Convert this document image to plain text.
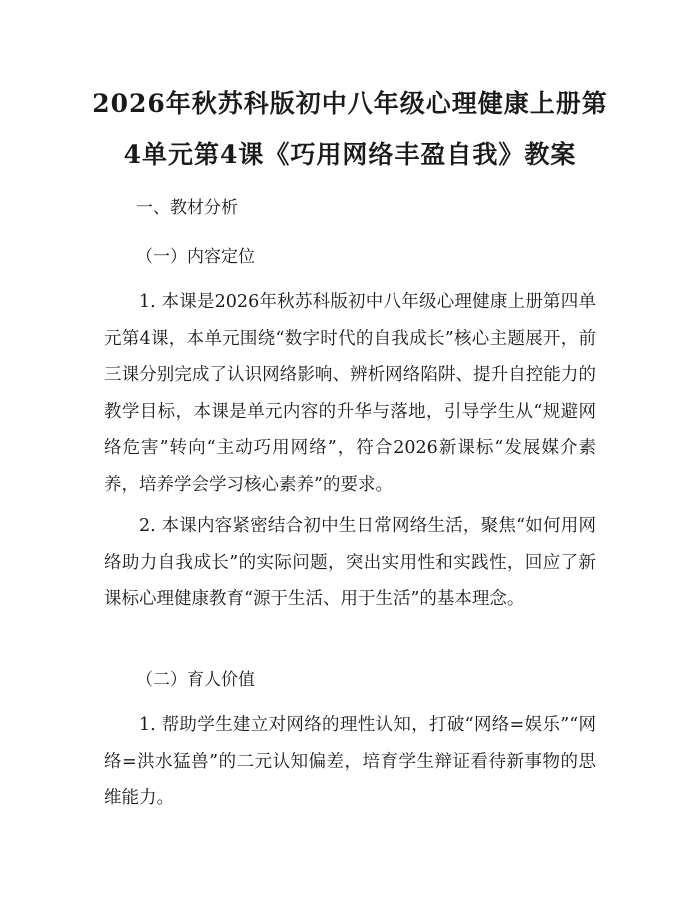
2026年秋苏科版初中八年级心理健康上册第
4单元第4课《巧用网络丰盈自我》教案

一、教材分析

（一）内容定位

1. 本课是2026年秋苏科版初中八年级心理健康上册第四单元第4课，本单元围绕“数字时代的自我成长”核心主题展开，前三课分别完成了认识网络影响、辨析网络陷阱、提升自控能力的教学目标，本课是单元内容的升华与落地，引导学生从“规避网络危害”转向“主动巧用网络”，符合2026新课标“发展媒介素养，培养学会学习核心素养”的要求。

2. 本课内容紧密结合初中生日常网络生活，聚焦“如何用网络助力自我成长”的实际问题，突出实用性和实践性，回应了新课标心理健康教育“源于生活、用于生活”的基本理念。

（二）育人价值

1. 帮助学生建立对网络的理性认知，打破“网络=娱乐”“网络=洪水猛兽”的二元认知偏差，培育学生辩证看待新事物的思维能力。
